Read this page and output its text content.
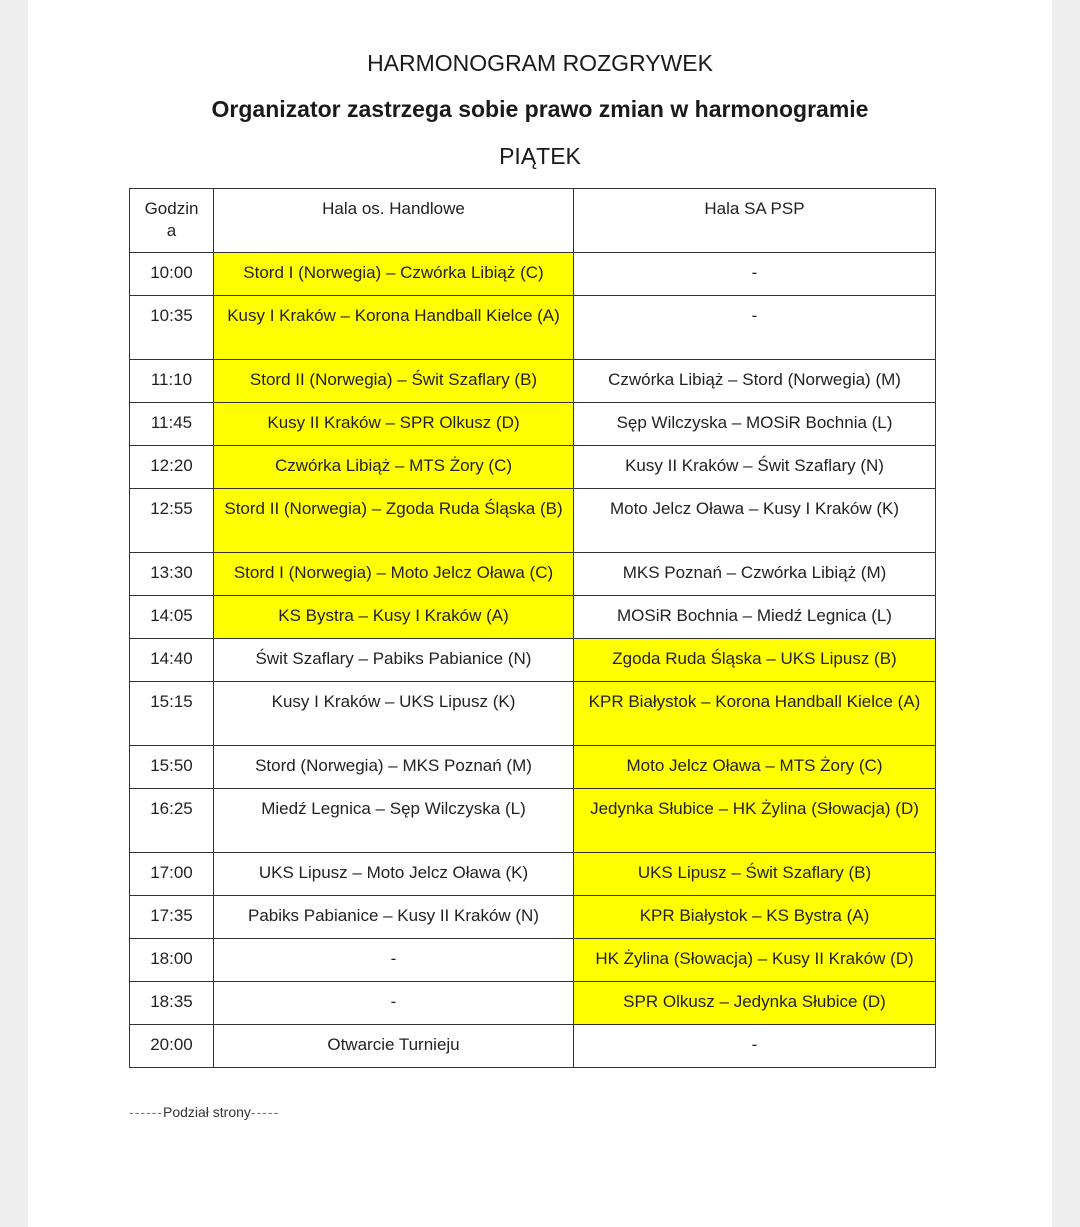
HARMONOGRAM ROZGRYWEK
Organizator zastrzega sobie prawo zmian w harmonogramie
PIĄTEK
Godzin a	Hala os. Handlowe	Hala SA PSP
10:00	Stord I (Norwegia) – Czwórka Libiąż (C)	-
10:35	Kusy I Kraków – Korona Handball Kielce (A)	-
11:10	Stord II (Norwegia) – Świt Szaflary (B)	Czwórka Libiąż – Stord (Norwegia) (M)
11:45	Kusy II Kraków – SPR Olkusz (D)	Sęp Wilczyska – MOSiR Bochnia (L)
12:20	Czwórka Libiąż – MTS Żory (C)	Kusy II Kraków – Świt Szaflary (N)
12:55	Stord II (Norwegia) – Zgoda Ruda Śląska (B)	Moto Jelcz Oława – Kusy I Kraków (K)
13:30	Stord I (Norwegia) – Moto Jelcz Oława (C)	MKS Poznań – Czwórka Libiąż (M)
14:05	KS Bystra – Kusy I Kraków (A)	MOSiR Bochnia – Miedź Legnica (L)
14:40	Świt Szaflary – Pabiks Pabianice (N)	Zgoda Ruda Śląska – UKS Lipusz (B)
15:15	Kusy I Kraków – UKS Lipusz (K)	KPR Białystok – Korona Handball Kielce (A)
15:50	Stord (Norwegia) – MKS Poznań (M)	Moto Jelcz Oława – MTS Żory (C)
16:25	Miedź Legnica – Sęp Wilczyska (L)	Jedynka Słubice – HK Żylina (Słowacja) (D)
17:00	UKS Lipusz – Moto Jelcz Oława (K)	UKS Lipusz – Świt Szaflary (B)
17:35	Pabiks Pabianice – Kusy II Kraków (N)	KPR Białystok – KS Bystra (A)
18:00	-	HK Żylina (Słowacja) – Kusy II Kraków (D)
18:35	-	SPR Olkusz – Jedynka Słubice (D)
20:00	Otwarcie Turnieju	-
------Podział strony-----
